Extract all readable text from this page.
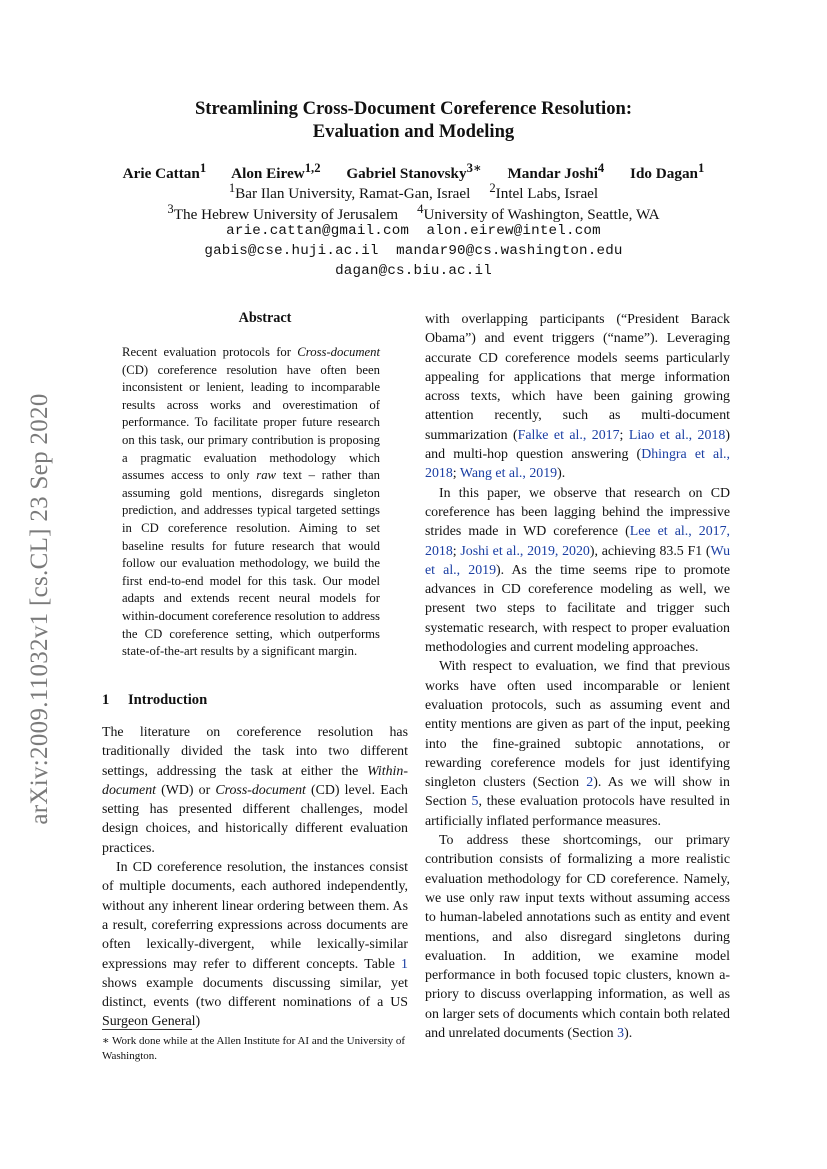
arXiv:2009.11032v1 [cs.CL] 23 Sep 2020
Streamlining Cross-Document Coreference Resolution:
Evaluation and Modeling
Arie Cattan$^1$ Alon Eirew$^{1,2}$ Gabriel Stanovsky$^{3∗}$ Mandar Joshi$^4$ Ido Dagan$^1$
$^1$Bar Ilan University, Ramat-Gan, Israel $^2$Intel Labs, Israel
$^3$The Hebrew University of Jerusalem $^4$University of Washington, Seattle, WA
arie.cattan@gmail.com  alon.eirew@intel.com
gabis@cse.huji.ac.il  mandar90@cs.washington.edu
dagan@cs.biu.ac.il
Abstract
Recent evaluation protocols for Cross-document (CD) coreference resolution have often been inconsistent or lenient, leading to incomparable results across works and overestimation of performance. To facilitate proper future research on this task, our primary contribution is proposing a pragmatic evaluation methodology which assumes access to only raw text – rather than assuming gold mentions, disregards singleton prediction, and addresses typical targeted settings in CD coreference resolution. Aiming to set baseline results for future research that would follow our evaluation methodology, we build the first end-to-end model for this task. Our model adapts and extends recent neural models for within-document coreference resolution to address the CD coreference setting, which outperforms state-of-the-art results by a significant margin.
1 Introduction

The literature on coreference resolution has traditionally divided the task into two different settings, addressing the task at either the Within-document (WD) or Cross-document (CD) level. Each setting has presented different challenges, model design choices, and historically different evaluation practices.

In CD coreference resolution, the instances consist of multiple documents, each authored independently, without any inherent linear ordering between them. As a result, coreferring expressions across documents are often lexically-divergent, while lexically-similar expressions may refer to different concepts. Table 1 shows example documents discussing similar, yet distinct, events (two different nominations of a US Surgeon General)

∗ Work done while at the Allen Institute for AI and the University of Washington.

with overlapping participants (“President Barack Obama”) and event triggers (“name”). Leveraging accurate CD coreference models seems particularly appealing for applications that merge information across texts, which have been gaining growing attention recently, such as multi-document summarization (Falke et al., 2017; Liao et al., 2018) and multi-hop question answering (Dhingra et al., 2018; Wang et al., 2019).

In this paper, we observe that research on CD coreference has been lagging behind the impressive strides made in WD coreference (Lee et al., 2017, 2018; Joshi et al., 2019, 2020), achieving 83.5 F1 (Wu et al., 2019). As the time seems ripe to promote advances in CD coreference modeling as well, we present two steps to facilitate and trigger such systematic research, with respect to proper evaluation methodologies and current modeling approaches.

With respect to evaluation, we find that previous works have often used incomparable or lenient evaluation protocols, such as assuming event and entity mentions are given as part of the input, peeking into the fine-grained subtopic annotations, or rewarding coreference models for just identifying singleton clusters (Section 2). As we will show in Section 5, these evaluation protocols have resulted in artificially inflated performance measures.

To address these shortcomings, our primary contribution consists of formalizing a more realistic evaluation methodology for CD coreference. Namely, we use only raw input texts without assuming access to human-labeled annotations such as entity and event mentions, and also disregard singletons during evaluation. In addition, we examine model performance in both focused topic clusters, known a-priory to discuss overlapping information, as well as on larger sets of documents which contain both related and unrelated documents (Section 3).
